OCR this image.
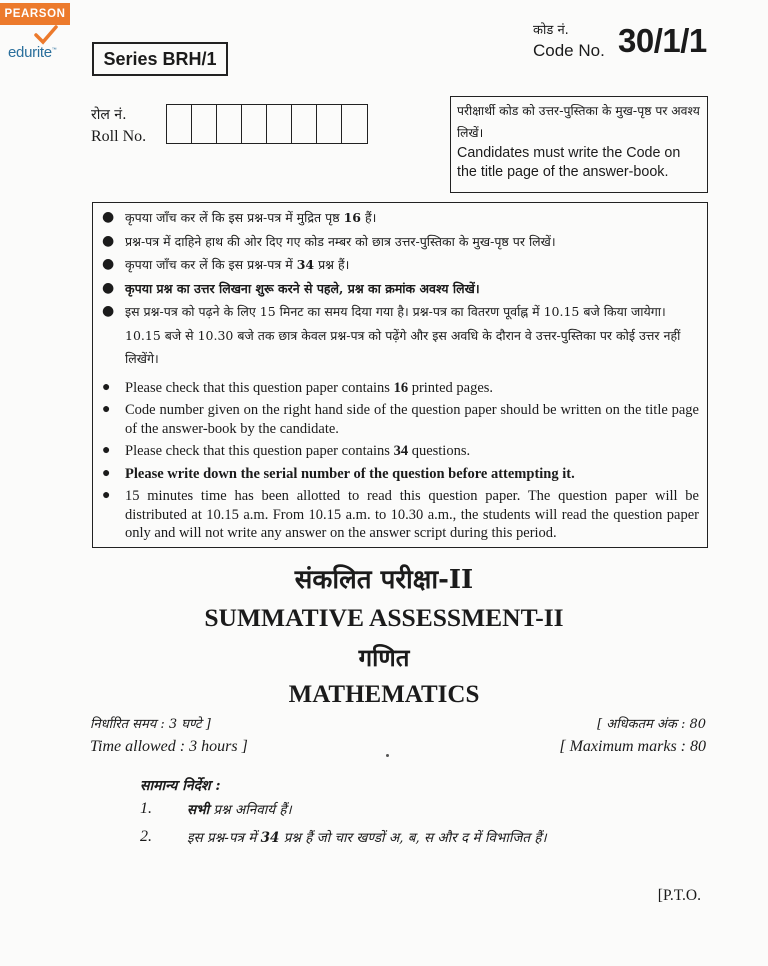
PEARSON
edurite™	Series BRH/1
कोड नं.
Code No. 30/1/1
रोल नं.
Roll No.
परीक्षार्थी कोड को उत्तर-पुस्तिका के मुख-पृष्ठ पर अवश्य लिखें।
Candidates must write the Code on the title page of the answer-book.
● कृपया जाँच कर लें कि इस प्रश्न-पत्र में मुद्रित पृष्ठ 16 हैं।
● प्रश्न-पत्र में दाहिने हाथ की ओर दिए गए कोड नम्बर को छात्र उत्तर-पुस्तिका के मुख-पृष्ठ पर लिखें।
● कृपया जाँच कर लें कि इस प्रश्न-पत्र में 34 प्रश्न हैं।
● कृपया प्रश्न का उत्तर लिखना शुरू करने से पहले, प्रश्न का क्रमांक अवश्य लिखें।
● इस प्रश्न-पत्र को पढ़ने के लिए 15 मिनट का समय दिया गया है। प्रश्न-पत्र का वितरण पूर्वाह्न में 10.15 बजे किया जायेगा। 10.15 बजे से 10.30 बजे तक छात्र केवल प्रश्न-पत्र को पढ़ेंगे और इस अवधि के दौरान वे उत्तर-पुस्तिका पर कोई उत्तर नहीं लिखेंगे।
● Please check that this question paper contains 16 printed pages.
● Code number given on the right hand side of the question paper should be written on the title page of the answer-book by the candidate.
● Please check that this question paper contains 34 questions.
● Please write down the serial number of the question before attempting it.
● 15 minutes time has been allotted to read this question paper. The question paper will be distributed at 10.15 a.m. From 10.15 a.m. to 10.30 a.m., the students will read the question paper only and will not write any answer on the answer script during this period.
संकलित परीक्षा-II
SUMMATIVE ASSESSMENT-II
गणित
MATHEMATICS
निर्धारित समय : 3 घण्टे ]
Time allowed : 3 hours ]
[ अधिकतम अंक : 80
[ Maximum marks : 80
सामान्य निर्देश :
1.	सभी प्रश्न अनिवार्य हैं।
2.	इस प्रश्न-पत्र में 34 प्रश्न हैं जो चार खण्डों अ, ब, स और द में विभाजित हैं।
[P.T.O.
